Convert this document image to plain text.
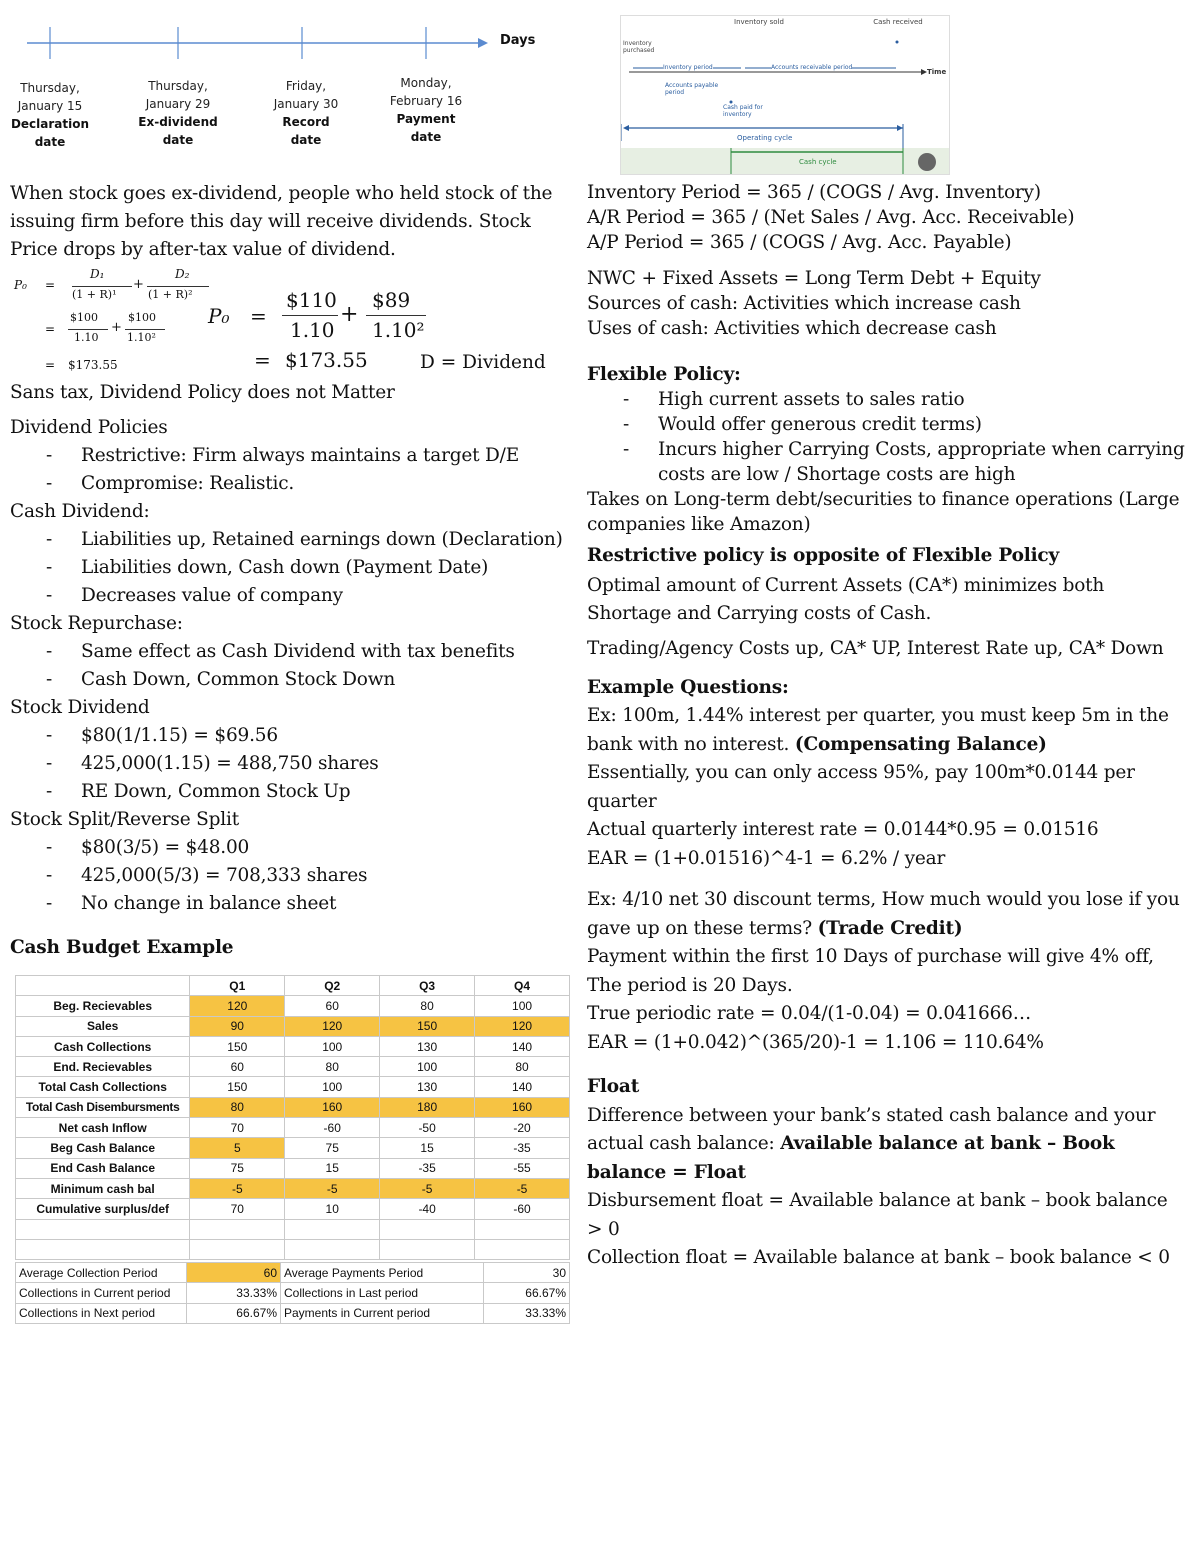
Days
Thursday,
January 15
Declaration
date
Thursday,
January 29
Ex-dividend
date
Friday,
January 30
Record
date
Monday,
February 16
Payment
date
When stock goes ex-dividend, people who held stock of the issuing firm before this day will receive dividends. Stock Price drops by after-tax value of dividend.
P₀ =
D₁
(1 + R)¹
+
D₂
(1 + R)²
=
$100
1.10
+
$100
1.10²
= $173.55
P₀ =
$110
1.10
+
$89
1.10²
= $173.55	D = Dividend
Sans tax, Dividend Policy does not Matter
Dividend Policies
- Restrictive: Firm always maintains a target D/E
- Compromise: Realistic.
Cash Dividend:
- Liabilities up, Retained earnings down (Declaration)
- Liabilities down, Cash down (Payment Date)
- Decreases value of company
Stock Repurchase:
- Same effect as Cash Dividend with tax benefits
- Cash Down, Common Stock Down
Stock Dividend
- $80(1/1.15) = $69.56
- 425,000(1.15) = 488,750 shares
- RE Down, Common Stock Up
Stock Split/Reverse Split
- $80(3/5) = $48.00
- 425,000(5/3) = 708,333 shares
- No change in balance sheet
Cash Budget Example
	Q1	Q2	Q3	Q4
Beg. Recievables	120	60	80	100
Sales	90	120	150	120
Cash Collections	150	100	130	140
End. Recievables	60	80	100	80
Total Cash Collections	150	100	130	140
Total Cash Disembursments	80	160	180	160
Net cash Inflow	70	-60	-50	-20
Beg Cash Balance	5	75	15	-35
End Cash Balance	75	15	-35	-55
Minimum cash bal	-5	-5	-5	-5
Cumulative surplus/def	70	10	-40	-60

Average Collection Period	60	Average Payments Period	30
Collections in Current period	33.33%	Collections in Last period	66.67%
Collections in Next period	66.67%	Payments in Current period	33.33%
Inventory sold	Cash received
Inventory purchased
Inventory period	Accounts receivable period
Time
Accounts payable period
Cash paid for inventory
Operating cycle
Cash cycle
Inventory Period = 365 / (COGS / Avg. Inventory)
A/R Period = 365 / (Net Sales / Avg. Acc. Receivable)
A/P Period = 365 / (COGS / Avg. Acc. Payable)
NWC + Fixed Assets = Long Term Debt + Equity
Sources of cash: Activities which increase cash
Uses of cash: Activities which decrease cash
Flexible Policy:
- High current assets to sales ratio
- Would offer generous credit terms)
- Incurs higher Carrying Costs, appropriate when carrying costs are low / Shortage costs are high
Takes on Long-term debt/securities to finance operations (Large companies like Amazon)
Restrictive policy is opposite of Flexible Policy
Optimal amount of Current Assets (CA*) minimizes both Shortage and Carrying costs of Cash.
Trading/Agency Costs up, CA* UP, Interest Rate up, CA* Down
Example Questions:
Ex: 100m, 1.44% interest per quarter, you must keep 5m in the bank with no interest. (Compensating Balance)
Essentially, you can only access 95%, pay 100m*0.0144 per quarter
Actual quarterly interest rate = 0.0144*0.95 = 0.01516
EAR = (1+0.01516)^4-1 = 6.2% / year
Ex: 4/10 net 30 discount terms, How much would you lose if you gave up on these terms? (Trade Credit)
Payment within the first 10 Days of purchase will give 4% off, The period is 20 Days.
True periodic rate = 0.04/(1-0.04) = 0.041666…
EAR = (1+0.042)^(365/20)-1 = 1.106 = 110.64%
Float
Difference between your bank’s stated cash balance and your actual cash balance: Available balance at bank – Book balance = Float
Disbursement float = Available balance at bank – book balance > 0
Collection float = Available balance at bank – book balance < 0
